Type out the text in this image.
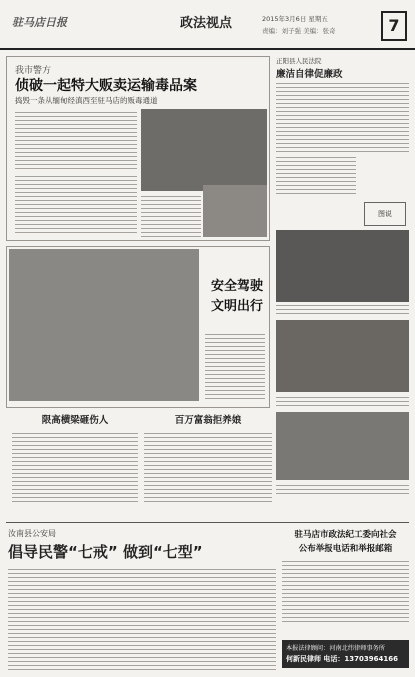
驻马店日报	政法视点	2015年3月6日 星期五
责编：刘子强 美编：张奇	7
我市警方
侦破一起特大贩卖运输毒品案
捣毁一条从缅甸经滇西至驻马店的贩毒通道
正阳县人民法院
廉洁自律促廉政
图说
安全驾驶
文明出行
限高横梁砸伤人	百万富翁拒养娘
汝南县公安局
倡导民警“七戒” 做到“七型”
驻马店市政法纪工委向社会
公布举报电话和举报邮箱
本报法律顾问：河南北纬律师事务所
何新民律师 电话：13703964166
